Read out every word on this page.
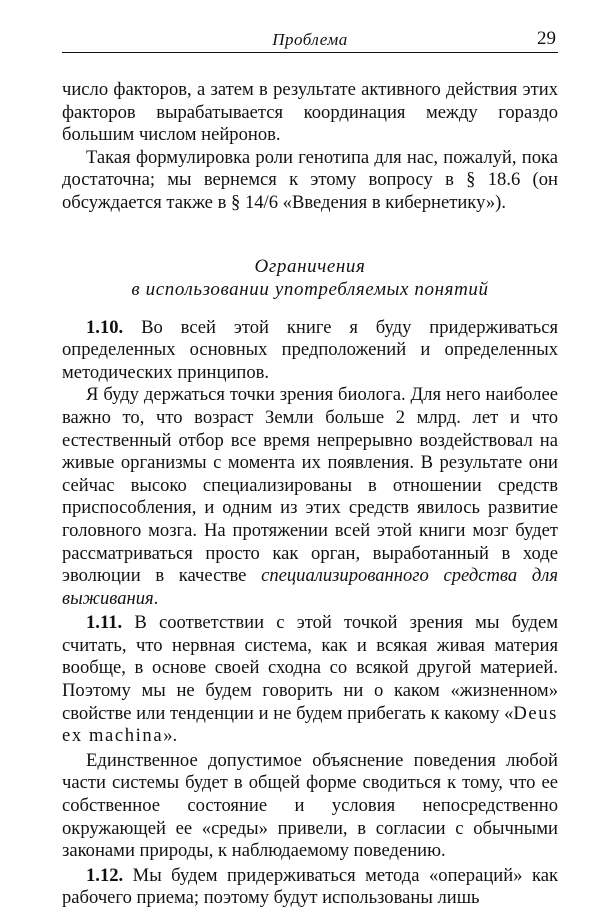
Проблема	29

число факторов, а затем в результате активного действия этих факторов вырабатывается координация между гораздо большим числом нейронов.

Такая формулировка роли генотипа для нас, пожалуй, пока достаточна; мы вернемся к этому вопросу в § 18.6 (он обсуждается также в § 14/6 «Введения в кибернетику»).

Ограничения
в использовании употребляемых понятий

1.10. Во всей этой книге я буду придерживаться определенных основных предположений и определенных методических принципов.

Я буду держаться точки зрения биолога. Для него наиболее важно то, что возраст Земли больше 2 млрд. лет и что естественный отбор все время непрерывно воздействовал на живые организмы с момента их появления. В результате они сейчас высоко специализированы в отношении средств приспособления, и одним из этих средств явилось развитие головного мозга. На протяжении всей этой книги мозг будет рассматриваться просто как орган, выработанный в ходе эволюции в качестве специализированного средства для выживания.

1.11. В соответствии с этой точкой зрения мы будем считать, что нервная система, как и всякая живая материя вообще, в основе своей сходна со всякой другой материей. Поэтому мы не будем говорить ни о каком «жизненном» свойстве или тенденции и не будем прибегать к какому «Deus ex machina».

Единственное допустимое объяснение поведения любой части системы будет в общей форме сводиться к тому, что ее собственное состояние и условия непосредственно окружающей ее «среды» привели, в согласии с обычными законами природы, к наблюдаемому поведению.

1.12. Мы будем придерживаться метода «операций» как рабочего приема; поэтому будут использованы лишь
